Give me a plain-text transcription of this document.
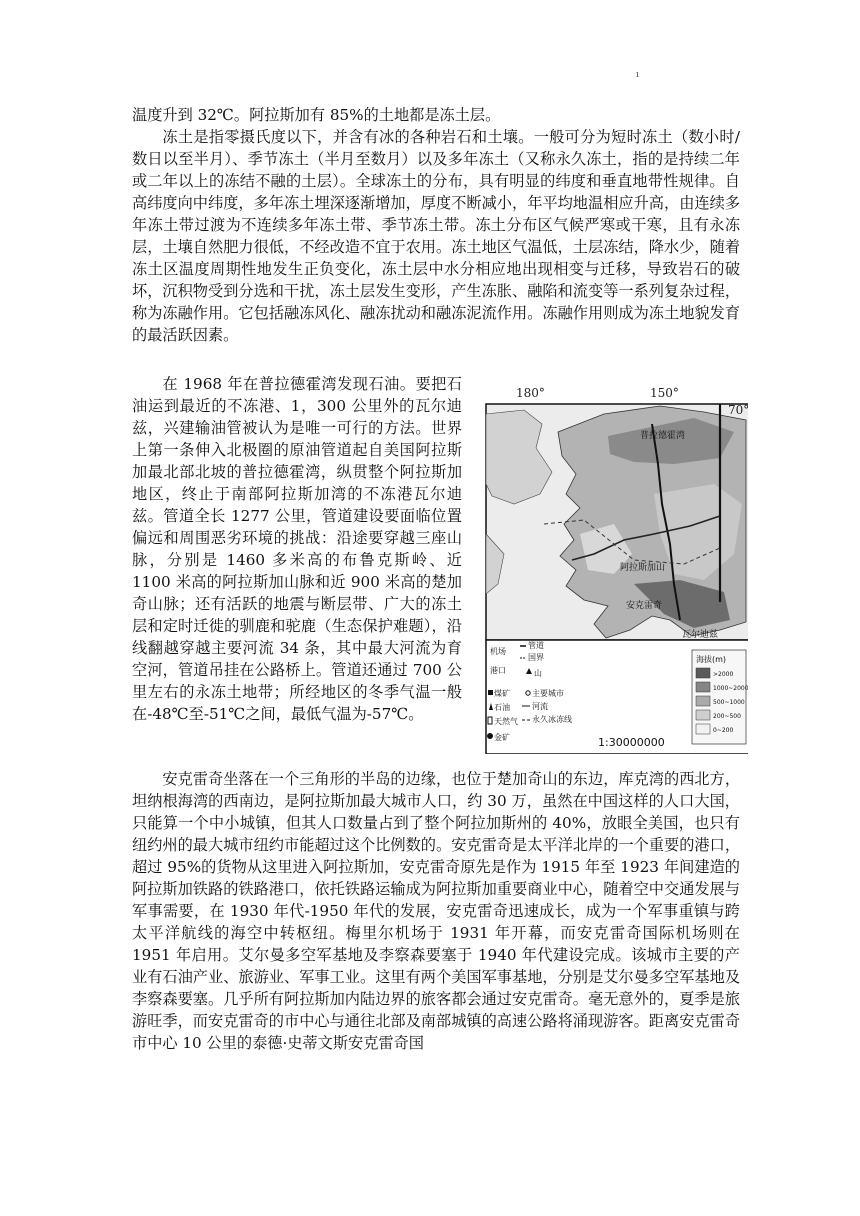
ı

温度升到 32℃。阿拉斯加有 85%的土地都是冻土层。

冻土是指零摄氏度以下，并含有冰的各种岩石和土壤。一般可分为短时冻土（数小时/数日以至半月）、季节冻土（半月至数月）以及多年冻土（又称永久冻土，指的是持续二年或二年以上的冻结不融的土层）。全球冻土的分布，具有明显的纬度和垂直地带性规律。自高纬度向中纬度，多年冻土埋深逐渐增加，厚度不断减小，年平均地温相应升高，由连续多年冻土带过渡为不连续多年冻土带、季节冻土带。冻土分布区气候严寒或干寒，且有永冻层，土壤自然肥力很低，不经改造不宜于农用。冻土地区气温低，土层冻结，降水少，随着冻土区温度周期性地发生正负变化，冻土层中水分相应地出现相变与迁移，导致岩石的破坏，沉积物受到分选和干扰，冻土层发生变形，产生冻胀、融陷和流变等一系列复杂过程，称为冻融作用。它包括融冻风化、融冻扰动和融冻泥流作用。冻融作用则成为冻土地貌发育的最活跃因素。

在 1968 年在普拉德霍湾发现石油。要把石油运到最近的不冻港、1，300 公里外的瓦尔迪兹，兴建输油管被认为是唯一可行的方法。世界上第一条伸入北极圈的原油管道起自美国阿拉斯加最北部北坡的普拉德霍湾，纵贯整个阿拉斯加地区，终止于南部阿拉斯加湾的不冻港瓦尔迪兹。管道全长 1277 公里，管道建设要面临位置偏远和周围恶劣环境的挑战：沿途要穿越三座山脉，分别是 1460 多米高的布鲁克斯岭、近 1100 米高的阿拉斯加山脉和近 900 米高的楚加奇山脉；还有活跃的地震与断层带、广大的冻土层和定时迁徙的驯鹿和驼鹿（生态保护难题），沿线翻越穿越主要河流 34 条，其中最大河流为育空河，管道吊挂在公路桥上。管道还通过 700 公里左右的永冻土地带；所经地区的冬季气温一般在-48℃至-51℃之间，最低气温为-57℃。

180°	150°
70°
普拉德霍湾
安克雷奇
阿拉斯加山
瓦尔迪兹
机场
管道
港口
国界
山
煤矿	主要城市
石油	河流
天然气 永久冰冻线
金矿
海拔(m)
>2000
1000~2000
500~1000
200~500
0~200
1:30000000

安克雷奇坐落在一个三角形的半岛的边缘，也位于楚加奇山的东边，库克湾的西北方，坦纳根海湾的西南边，是阿拉斯加最大城市人口，约 30 万，虽然在中国这样的人口大国，只能算一个中小城镇，但其人口数量占到了整个阿拉加斯州的 40%，放眼全美国，也只有纽约州的最大城市纽约市能超过这个比例数的。安克雷奇是太平洋北岸的一个重要的港口，超过 95%的货物从这里进入阿拉斯加，安克雷奇原先是作为 1915 年至 1923 年间建造的阿拉斯加铁路的铁路港口，依托铁路运输成为阿拉斯加重要商业中心，随着空中交通发展与军事需要，在 1930 年代-1950 年代的发展，安克雷奇迅速成长，成为一个军事重镇与跨太平洋航线的海空中转枢纽。梅里尔机场于 1931 年开幕，而安克雷奇国际机场则在 1951 年启用。艾尔曼多空军基地及李察森要塞于 1940 年代建设完成。该城市主要的产业有石油产业、旅游业、军事工业。这里有两个美国军事基地，分别是艾尔曼多空军基地及李察森要塞。几乎所有阿拉斯加内陆边界的旅客都会通过安克雷奇。毫无意外的，夏季是旅游旺季，而安克雷奇的市中心与通往北部及南部城镇的高速公路将涌现游客。距离安克雷奇市中心 10 公里的泰德·史蒂文斯安克雷奇国
